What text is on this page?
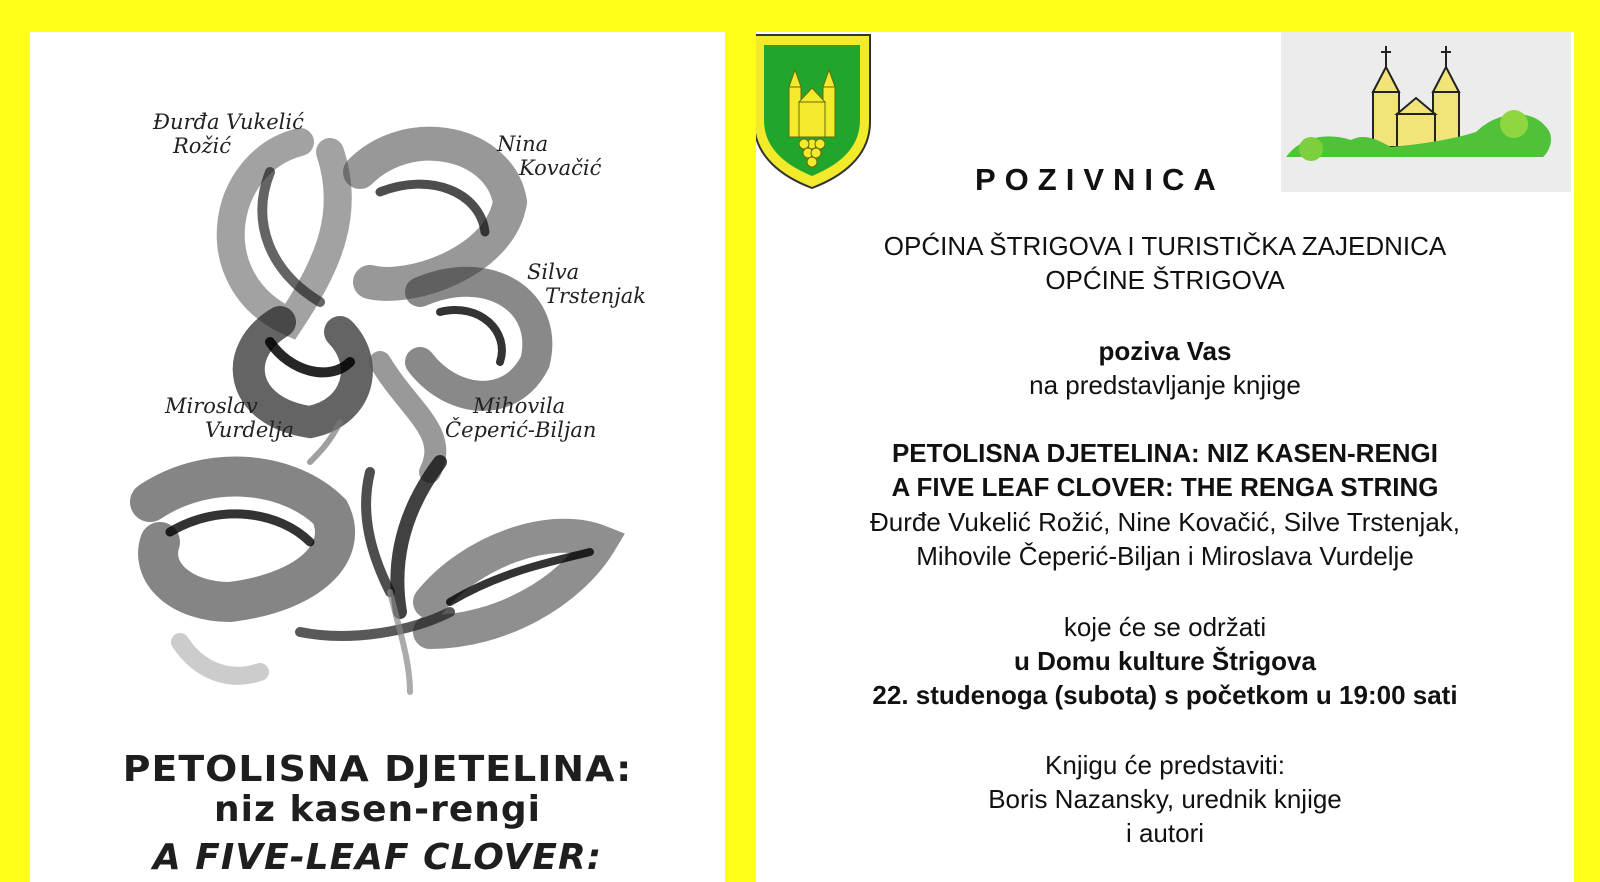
Đurđa Vukelić
Rožić	Nina
Kovačić
Silva
Trstenjak
Miroslav
Vurdelja
Mihovila
Čeperić-Biljan
PETOLISNA DJETELINA:
niz kasen-rengi
A FIVE-LEAF CLOVER:
POZIVNICA
OPĆINA ŠTRIGOVA I TURISTIČKA ZAJEDNICA
OPĆINE ŠTRIGOVA
poziva Vas
na predstavljanje knjige
PETOLISNA DJETELINA: NIZ KASEN-RENGI
A FIVE LEAF CLOVER: THE RENGA STRING
Đurđe Vukelić Rožić, Nine Kovačić, Silve Trstenjak,
Mihovile Čeperić-Biljan i Miroslava Vurdelje
koje će se održati
u Domu kulture Štrigova
22. studenoga (subota) s početkom u 19:00 sati
Knjigu će predstaviti:
Boris Nazansky, urednik knjige
i autori
